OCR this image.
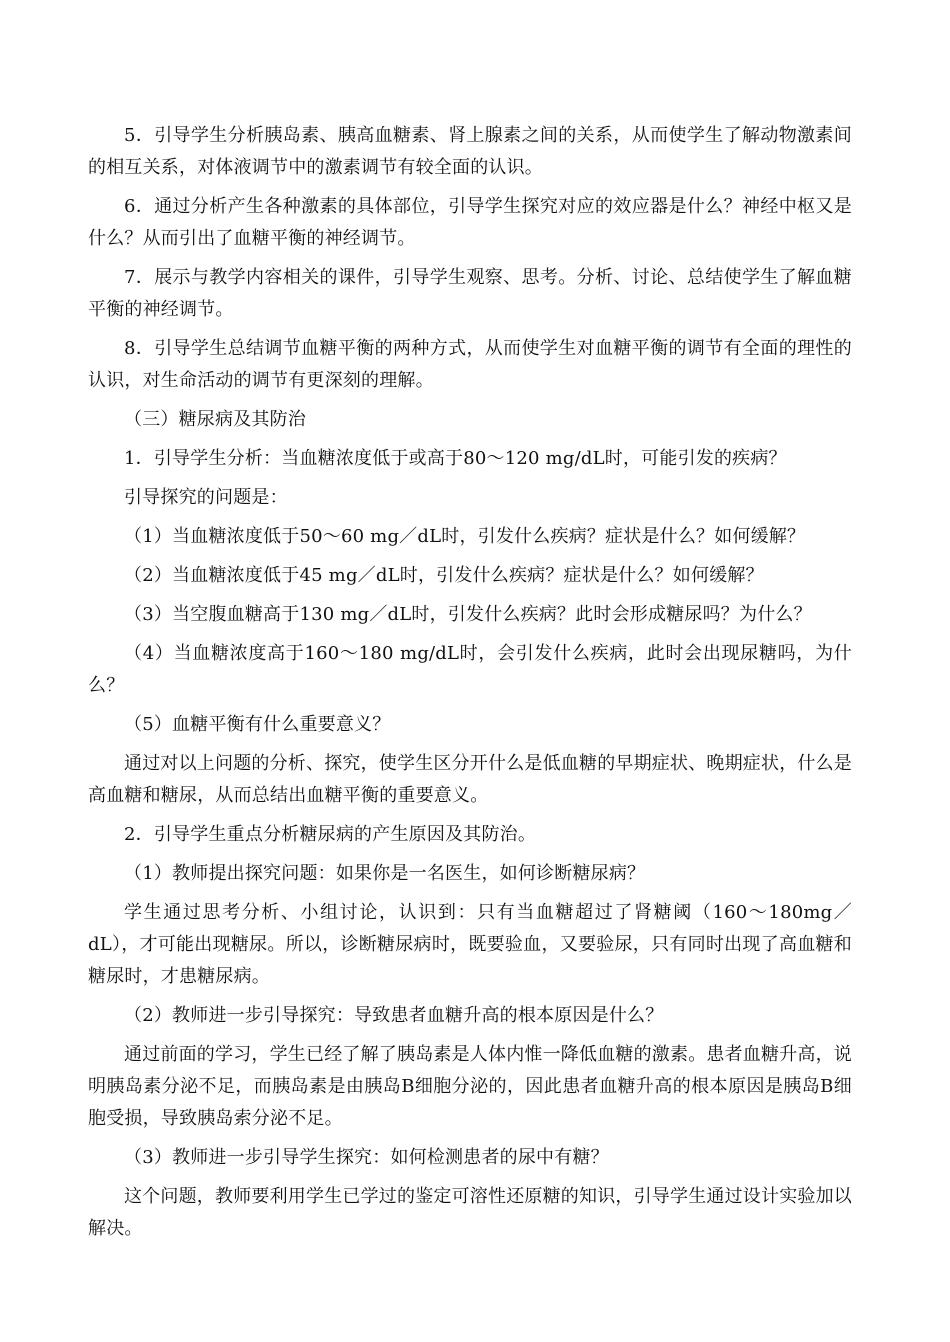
5．引导学生分析胰岛素、胰高血糖素、肾上腺素之间的关系，从而使学生了解动物激素间的相互关系，对体液调节中的激素调节有较全面的认识。

6．通过分析产生各种激素的具体部位，引导学生探究对应的效应器是什么？神经中枢又是什么？从而引出了血糖平衡的神经调节。

7．展示与教学内容相关的课件，引导学生观察、思考。分析、讨论、总结使学生了解血糖平衡的神经调节。

8．引导学生总结调节血糖平衡的两种方式，从而使学生对血糖平衡的调节有全面的理性的认识，对生命活动的调节有更深刻的理解。

（三）糖尿病及其防治

1．引导学生分析：当血糖浓度低于或高于80～120 mg/dL时，可能引发的疾病？

引导探究的问题是：

（1）当血糖浓度低于50～60 mg／dL时，引发什么疾病？症状是什么？如何缓解？

（2）当血糖浓度低于45 mg／dL时，引发什么疾病？症状是什么？如何缓解？

（3）当空腹血糖高于130 mg／dL时，引发什么疾病？此时会形成糖尿吗？为什么？

（4）当血糖浓度高于160～180 mg/dL时，会引发什么疾病，此时会出现尿糖吗，为什么？

（5）血糖平衡有什么重要意义？

通过对以上问题的分析、探究，使学生区分开什么是低血糖的早期症状、晚期症状，什么是高血糖和糖尿，从而总结出血糖平衡的重要意义。

2．引导学生重点分析糖尿病的产生原因及其防治。

（1）教师提出探究问题：如果你是一名医生，如何诊断糖尿病？

学生通过思考分析、小组讨论，认识到：只有当血糖超过了肾糖阈（160～180mg／dL），才可能出现糖尿。所以，诊断糖尿病时，既要验血，又要验尿，只有同时出现了高血糖和糖尿时，才患糖尿病。

（2）教师进一步引导探究：导致患者血糖升高的根本原因是什么？

通过前面的学习，学生已经了解了胰岛素是人体内惟一降低血糖的激素。患者血糖升高，说明胰岛素分泌不足，而胰岛素是由胰岛B细胞分泌的，因此患者血糖升高的根本原因是胰岛B细胞受损，导致胰岛索分泌不足。

（3）教师进一步引导学生探究：如何检测患者的尿中有糖？

这个问题，教师要利用学生已学过的鉴定可溶性还原糖的知识，引导学生通过设计实验加以解决。
